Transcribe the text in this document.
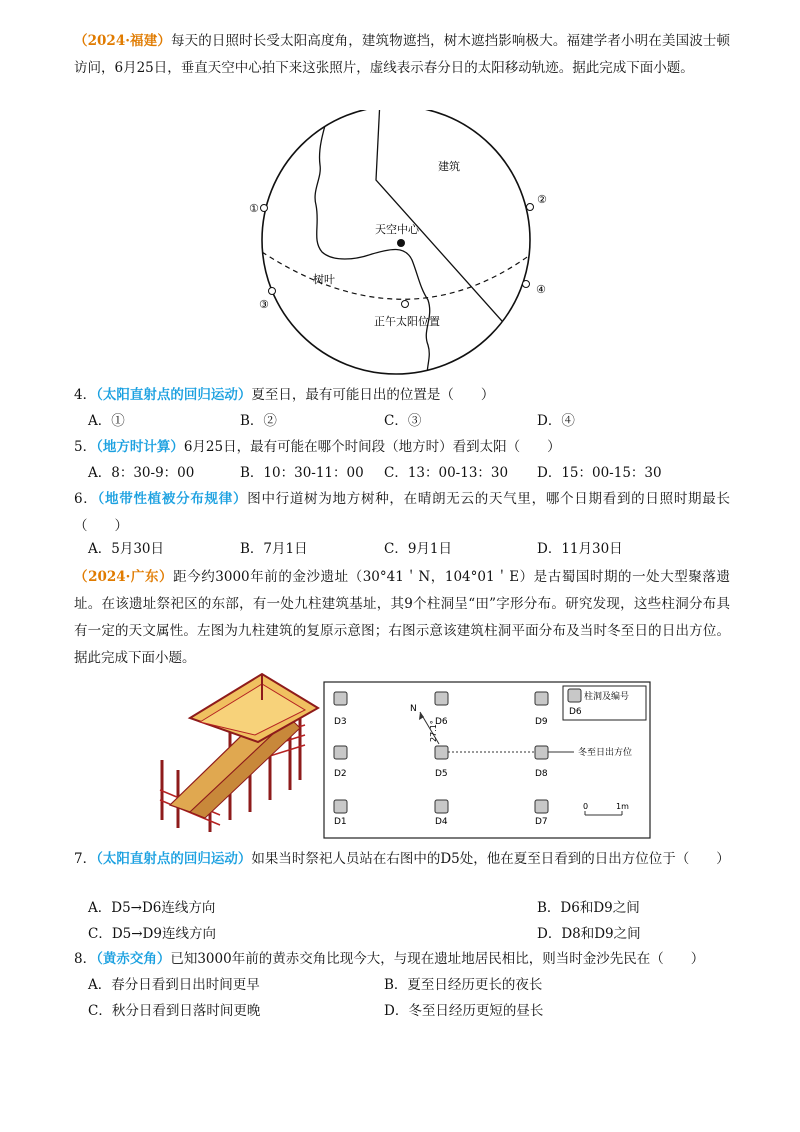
（2024·福建）每天的日照时长受太阳高度角，建筑物遮挡，树木遮挡影响极大。福建学者小明在美国波士顿访问，6月25日，垂直天空中心拍下来这张照片，虚线表示春分日的太阳移动轨迹。据此完成下面小题。
建筑
天空中心
树叶
正午太阳位置
①
②
③
④
4．（太阳直射点的回归运动）夏至日，最有可能日出的位置是（　　）
A．①	B．②	C．③	D．④
5．（地方时计算）6月25日，最有可能在哪个时间段（地方时）看到太阳（　　）
A．8：30-9：00	B．10：30-11：00 C．13：00-13：30 D．15：00-15：30
6．（地带性植被分布规律）图中行道树为地方树种，在晴朗无云的天气里，哪个日期看到的日照时期最长（　　）
A．5月30日	B．7月1日	C．9月1日	D．11月30日
（2024·广东）距今约3000年前的金沙遗址（30°41＇N，104°01＇E）是古蜀国时期的一处大型聚落遗址。在该遗址祭祀区的东部，有一处九柱建筑基址，其9个柱洞呈“田”字形分布。研究发现，这些柱洞分布具有一定的天文属性。左图为九柱建筑的复原示意图；右图示意该建筑柱洞平面分布及当时冬至日的日出方位。据此完成下面小题。
柱洞及编号
D6
D1
D2
D3
D4
D5
D6
D7
D8
D9
冬至日出方位
N
27.1°
0	1m
7．（太阳直射点的回归运动）如果当时祭祀人员站在右图中的D5处，他在夏至日看到的日出方位位于（　　）
A．D5→D6连线方向	B．D6和D9之间
C．D5→D9连线方向	D．D8和D9之间
8．（黄赤交角）已知3000年前的黄赤交角比现今大，与现在遗址地居民相比，则当时金沙先民在（　　）
A．春分日看到日出时间更早	B．夏至日经历更长的夜长
C．秋分日看到日落时间更晚	D．冬至日经历更短的昼长
